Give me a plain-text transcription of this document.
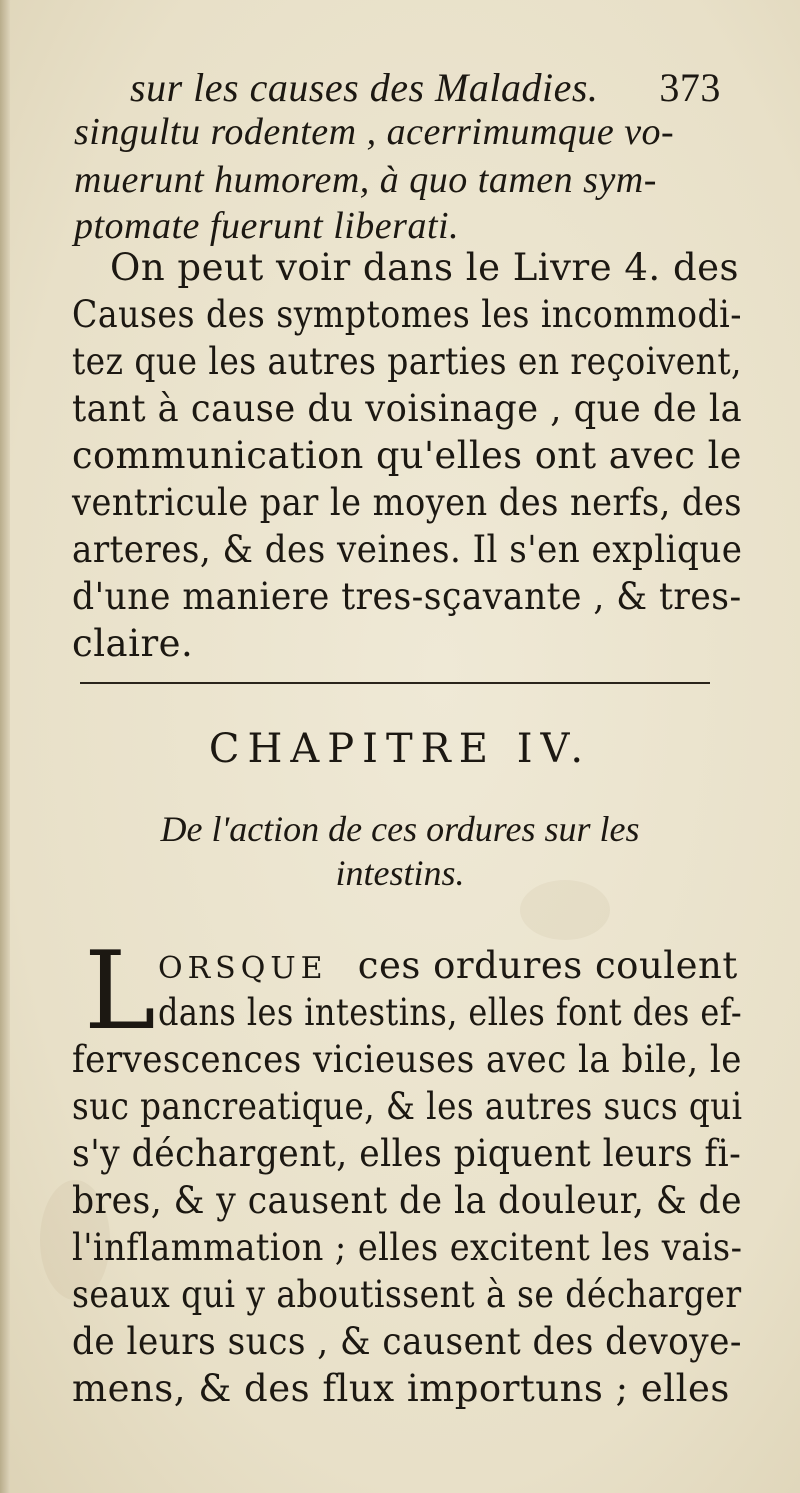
sur les causes des Maladies. 373

singultu rodentem , acerrimumque vo-

muerunt humorem, à quo tamen sym-

ptomate fuerunt liberati.

On peut voir dans le Livre 4. des

Causes des symptomes les incommodi-

tez que les autres parties en reçoivent,

tant à cause du voisinage , que de la

communication qu'elles ont avec le

ventricule par le moyen des nerfs, des

arteres, & des veines. Il s'en explique

d'une maniere tres-sçavante , & tres-

claire.

CHAPITRE IV.

De l'action de ces ordures sur les

intestins.

L ORSQUE ces ordures coulent

dans les intestins, elles font des ef-

fervescences vicieuses avec la bile, le

suc pancreatique, & les autres sucs qui

s'y déchargent, elles piquent leurs fi-

bres, & y causent de la douleur, & de

l'inflammation ; elles excitent les vais-

seaux qui y aboutissent à se décharger

de leurs sucs , & causent des devoye-

mens, & des flux importuns ; elles
